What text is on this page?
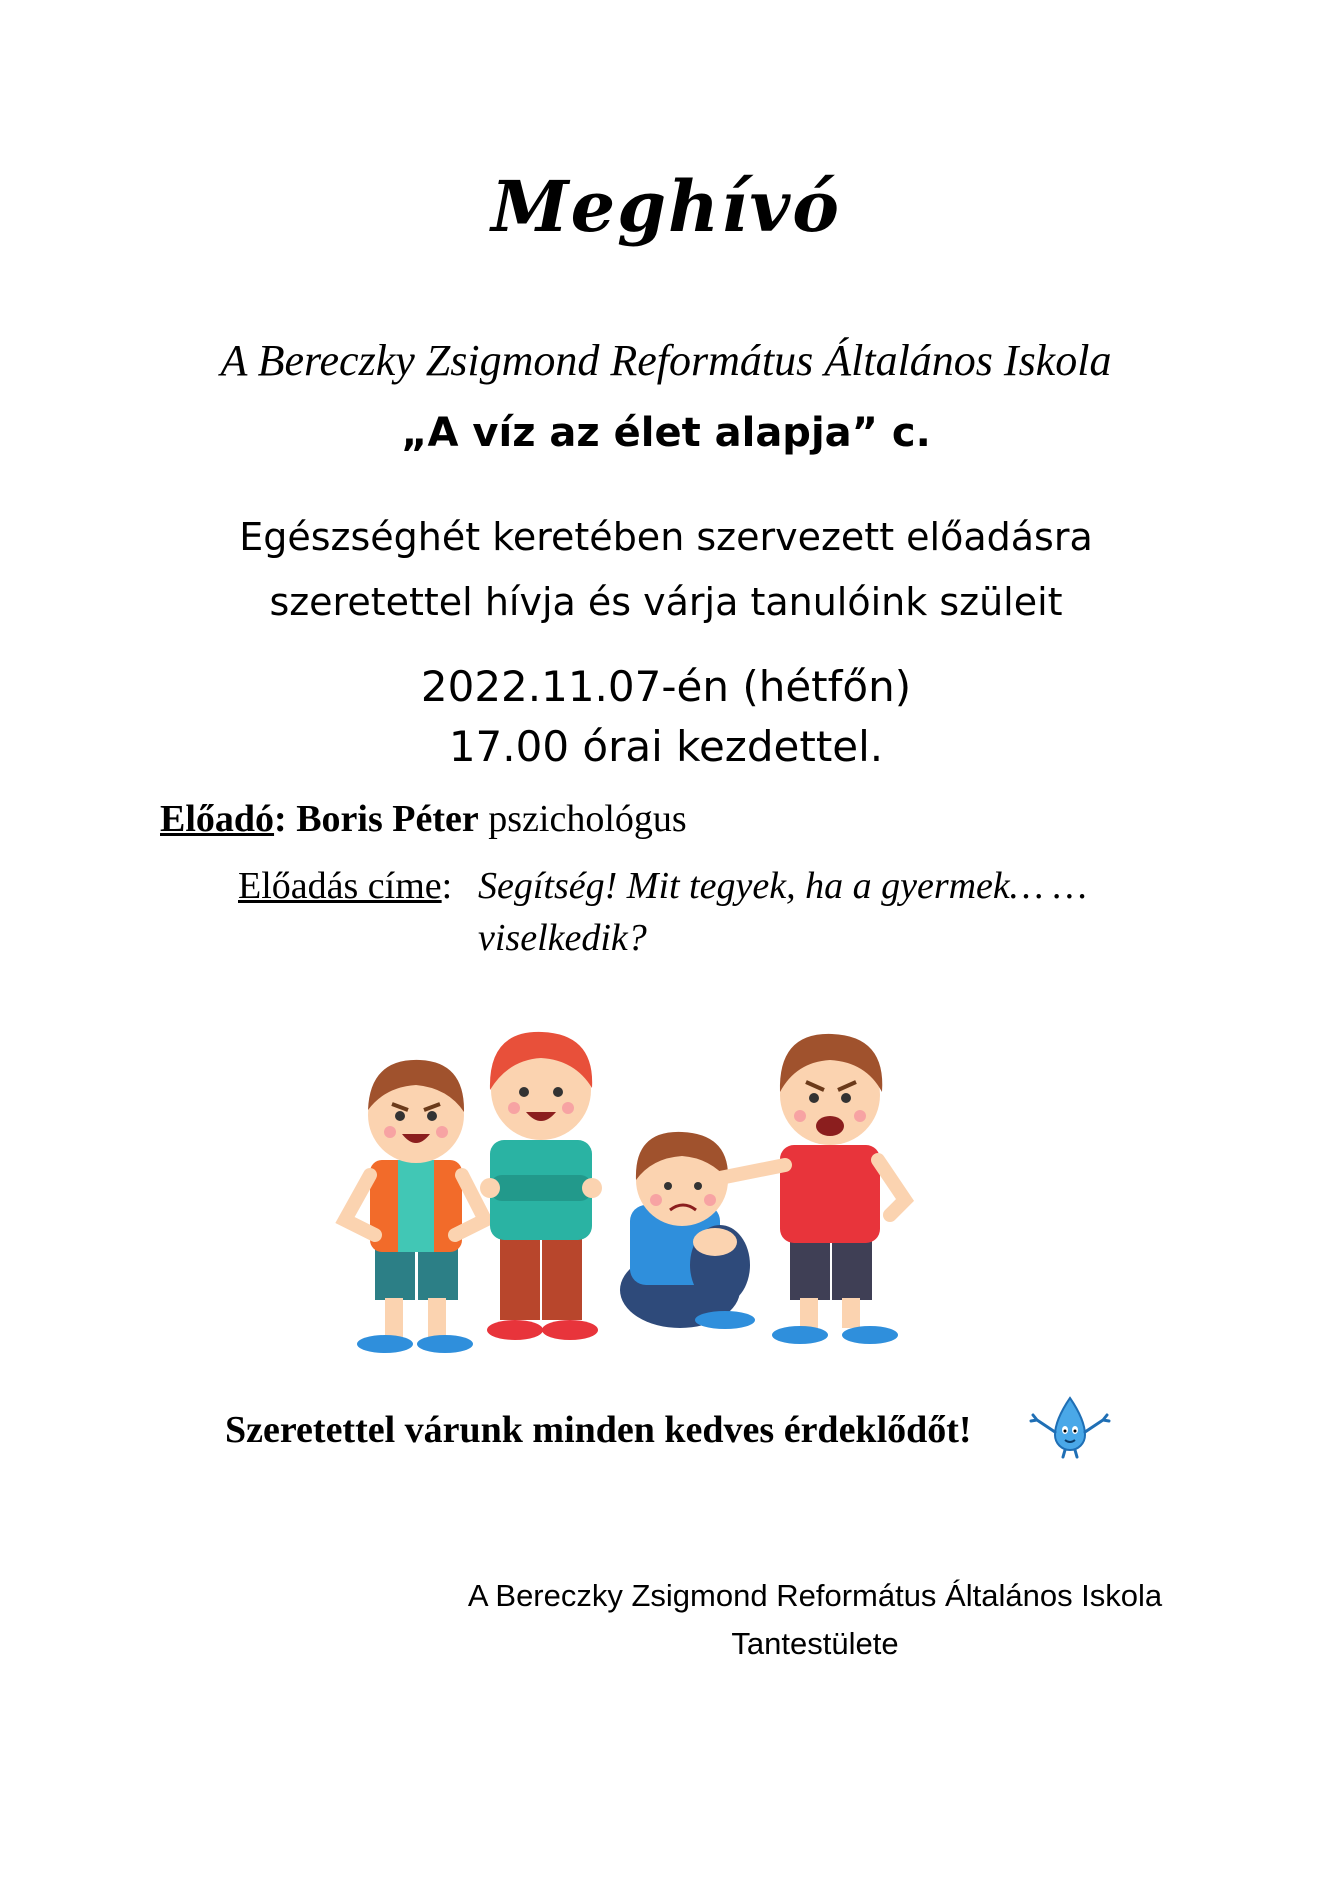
Meghívó
A Bereczky Zsigmond Református Általános Iskola
„A víz az élet alapja” c.
Egészséghét keretében szervezett előadásra
szeretettel hívja és várja tanulóink szüleit
2022.11.07-én (hétfőn)
17.00 órai kezdettel.
Előadó: Boris Péter pszichológus
Előadás címe: Segítség! Mit tegyek, ha a gyermek… …
viselkedik?
Szeretettel várunk minden kedves érdeklődőt!
A Bereczky Zsigmond Református Általános Iskola
Tantestülete
